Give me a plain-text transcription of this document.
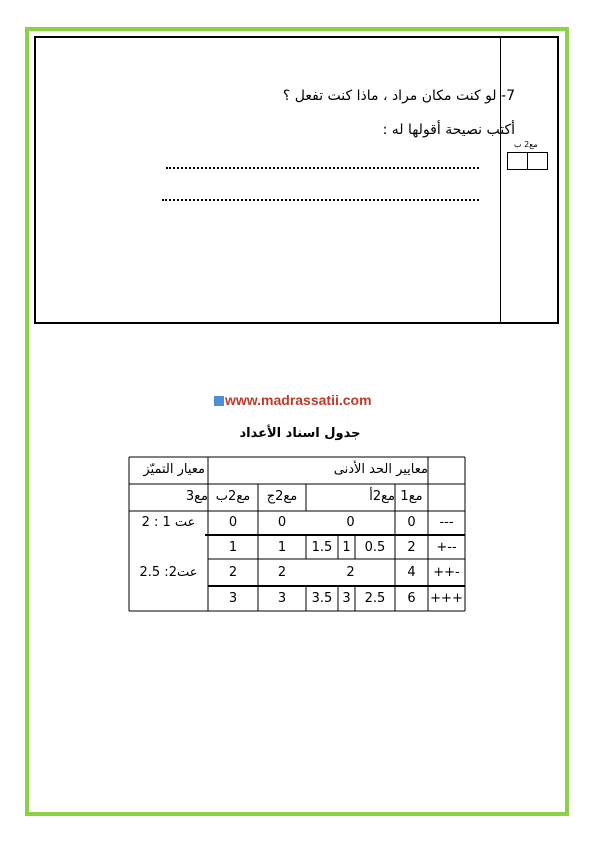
7- لو كنت مكان مراد ، ماذا كنت تفعل ؟
أكتب نصيحة أقولها له :
مع2 ب
www.madrassatii.com
جدول اسناد الأعداد
معايير الحد الأدنى
معيار التميّز
مع1
مع2أ
مع2ج
مع2ب
مع3
---
+--
++-
+++
0
2
4
6
0
2
0.5
1
1.5
2.5
3
3.5
0
1
2
3
0
1
2
3
عت 1 : 2
عت2: 2.5
